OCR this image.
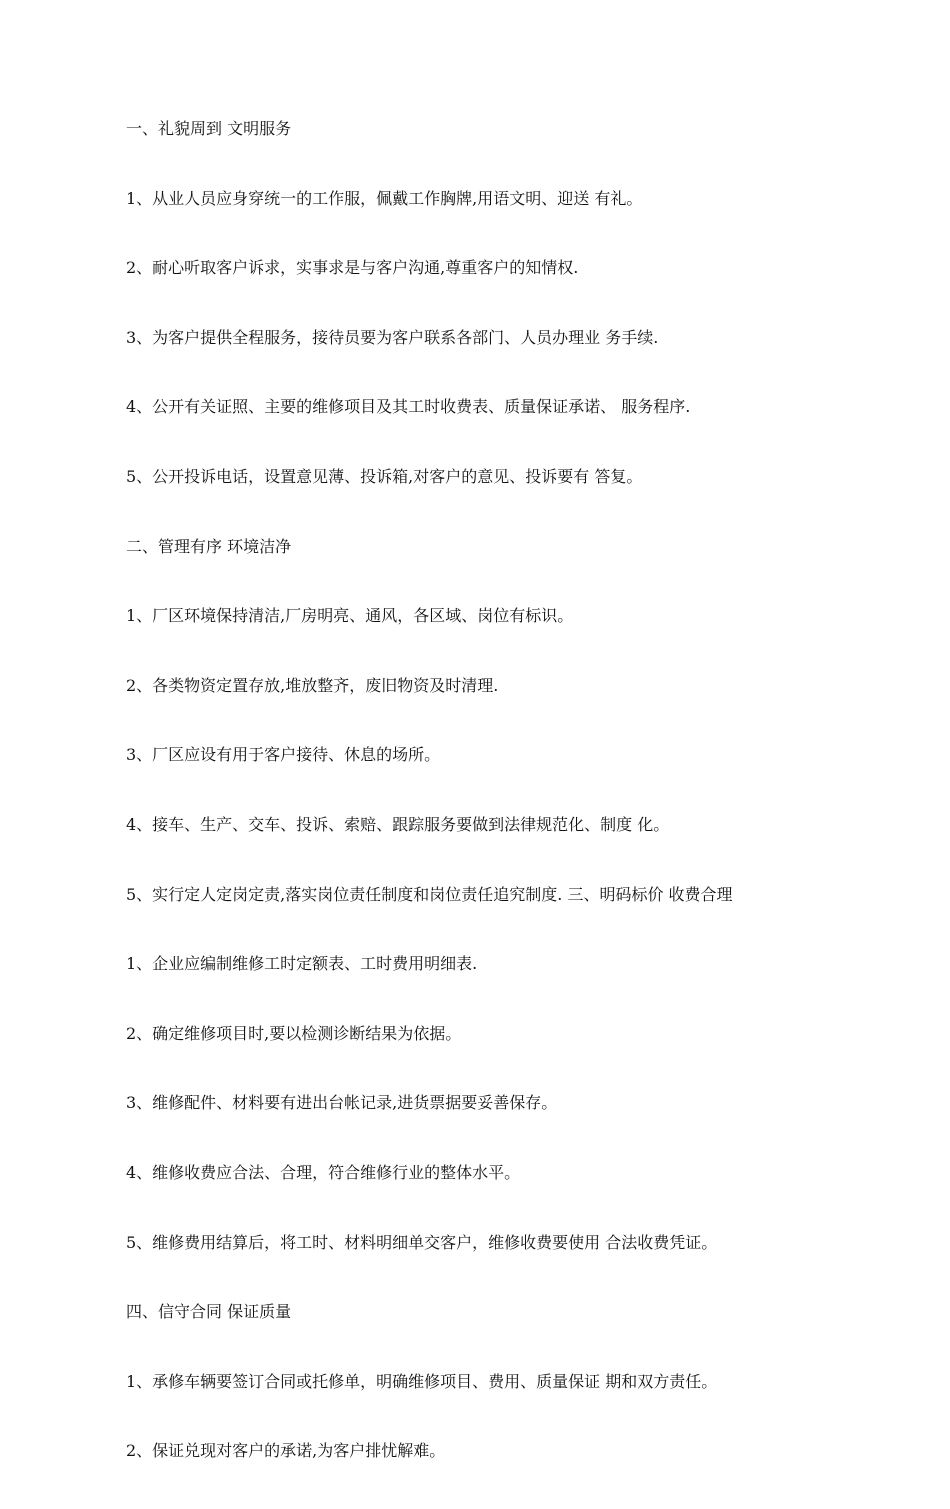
一、礼貌周到 文明服务

1、从业人员应身穿统一的工作服，佩戴工作胸牌,用语文明、迎送 有礼。

2、耐心听取客户诉求，实事求是与客户沟通,尊重客户的知情权.

3、为客户提供全程服务，接待员要为客户联系各部门、人员办理业 务手续.

4、公开有关证照、主要的维修项目及其工时收费表、质量保证承诺、 服务程序.

5、公开投诉电话，设置意见薄、投诉箱,对客户的意见、投诉要有 答复。

二、管理有序 环境洁净

1、厂区环境保持清洁,厂房明亮、通风，各区域、岗位有标识。

2、各类物资定置存放,堆放整齐，废旧物资及时清理.

3、厂区应设有用于客户接待、休息的场所。

4、接车、生产、交车、投诉、索赔、跟踪服务要做到法律规范化、制度 化。

5、实行定人定岗定责,落实岗位责任制度和岗位责任追究制度. 三、明码标价 收费合理

1、企业应编制维修工时定额表、工时费用明细表.

2、确定维修项目时,要以检测诊断结果为依据。

3、维修配件、材料要有进出台帐记录,进货票据要妥善保存。

4、维修收费应合法、合理，符合维修行业的整体水平。

5、维修费用结算后，将工时、材料明细单交客户，维修收费要使用 合法收费凭证。

四、信守合同 保证质量

1、承修车辆要签订合同或托修单，明确维修项目、费用、质量保证 期和双方责任。

2、保证兑现对客户的承诺,为客户排忧解难。
